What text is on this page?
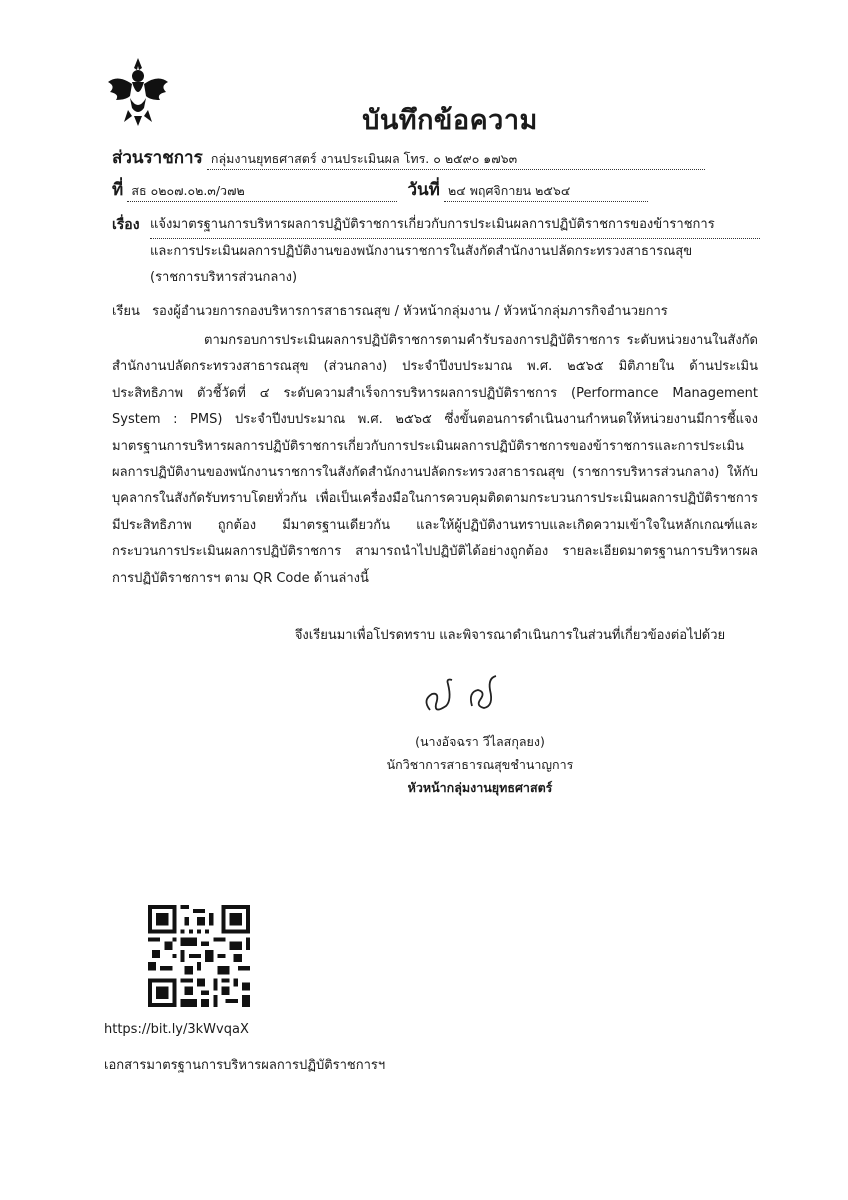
บันทึกข้อความ
ส่วนราชการ กลุ่มงานยุทธศาสตร์ งานประเมินผล โทร. ๐ ๒๕๙๐ ๑๗๖๓
ที่ สธ ๐๒๐๗.๐๒.๓/ว๗๒	วันที่ ๒๔ พฤศจิกายน ๒๕๖๔
เรื่อง แจ้งมาตรฐานการบริหารผลการปฏิบัติราชการเกี่ยวกับการประเมินผลการปฏิบัติราชการของข้าราชการ
และการประเมินผลการปฏิบัติงานของพนักงานราชการในสังกัดสำนักงานปลัดกระทรวงสาธารณสุข
(ราชการบริหารส่วนกลาง)
เรียน รองผู้อำนวยการกองบริหารการสาธารณสุข / หัวหน้ากลุ่มงาน / หัวหน้ากลุ่มภารกิจอำนวยการ
ตามกรอบการประเมินผลการปฏิบัติราชการตามคำรับรองการปฏิบัติราชการ ระดับหน่วยงานในสังกัดสำนักงานปลัดกระทรวงสาธารณสุข (ส่วนกลาง) ประจำปีงบประมาณ พ.ศ. ๒๕๖๕ มิติภายใน ด้านประเมินประสิทธิภาพ ตัวชี้วัดที่ ๔ ระดับความสำเร็จการบริหารผลการปฏิบัติราชการ (Performance Management System : PMS) ประจำปีงบประมาณ พ.ศ. ๒๕๖๕ ซึ่งขั้นตอนการดำเนินงานกำหนดให้หน่วยงานมีการชี้แจงมาตรฐานการบริหารผลการปฏิบัติราชการเกี่ยวกับการประเมินผลการปฏิบัติราชการของข้าราชการและการประเมินผลการปฏิบัติงานของพนักงานราชการในสังกัดสำนักงานปลัดกระทรวงสาธารณสุข (ราชการบริหารส่วนกลาง) ให้กับบุคลากรในสังกัดรับทราบโดยทั่วกัน เพื่อเป็นเครื่องมือในการควบคุมติดตามกระบวนการประเมินผลการปฏิบัติราชการ มีประสิทธิภาพ ถูกต้อง มีมาตรฐานเดียวกัน และให้ผู้ปฏิบัติงานทราบและเกิดความเข้าใจในหลักเกณฑ์และกระบวนการประเมินผลการปฏิบัติราชการ สามารถนำไปปฏิบัติได้อย่างถูกต้อง รายละเอียดมาตรฐานการบริหารผลการปฏิบัติราชการฯ ตาม QR Code ด้านล่างนี้
จึงเรียนมาเพื่อโปรดทราบ และพิจารณาดำเนินการในส่วนที่เกี่ยวข้องต่อไปด้วย
(นางอัจฉรา วีไลสกุลยง)
นักวิชาการสาธารณสุขชำนาญการ
หัวหน้ากลุ่มงานยุทธศาสตร์
https://bit.ly/3kWvqaX
เอกสารมาตรฐานการบริหารผลการปฏิบัติราชการฯ
